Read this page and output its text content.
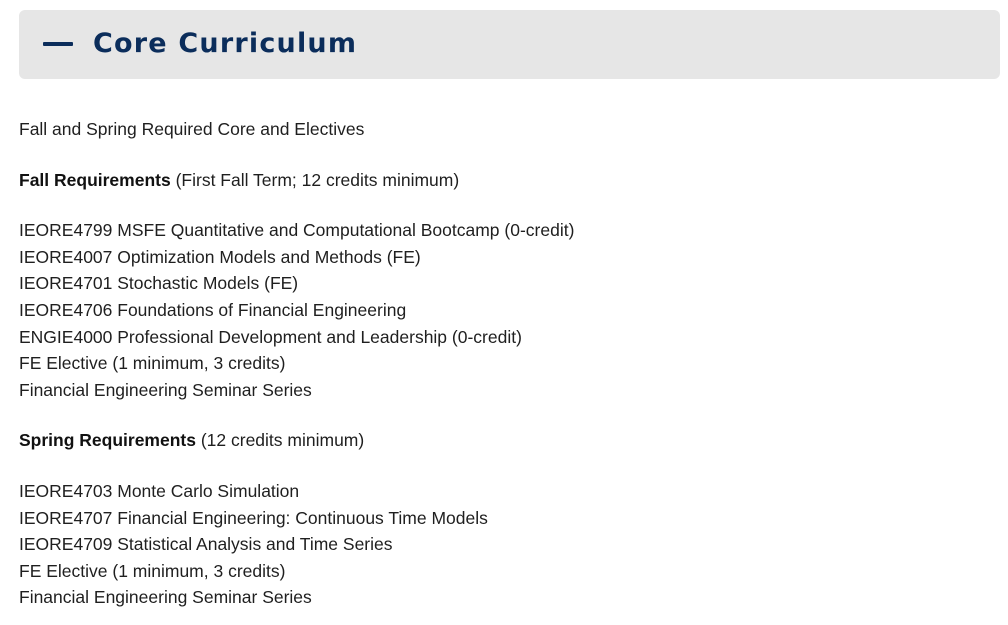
Core Curriculum

Fall and Spring Required Core and Electives

Fall Requirements (First Fall Term; 12 credits minimum)

IEORE4799 MSFE Quantitative and Computational Bootcamp (0-credit)
IEORE4007 Optimization Models and Methods (FE)
IEORE4701 Stochastic Models (FE)
IEORE4706 Foundations of Financial Engineering
ENGIE4000 Professional Development and Leadership (0-credit)
FE Elective (1 minimum, 3 credits)
Financial Engineering Seminar Series

Spring Requirements (12 credits minimum)

IEORE4703 Monte Carlo Simulation
IEORE4707 Financial Engineering: Continuous Time Models
IEORE4709 Statistical Analysis and Time Series
FE Elective (1 minimum, 3 credits)
Financial Engineering Seminar Series
